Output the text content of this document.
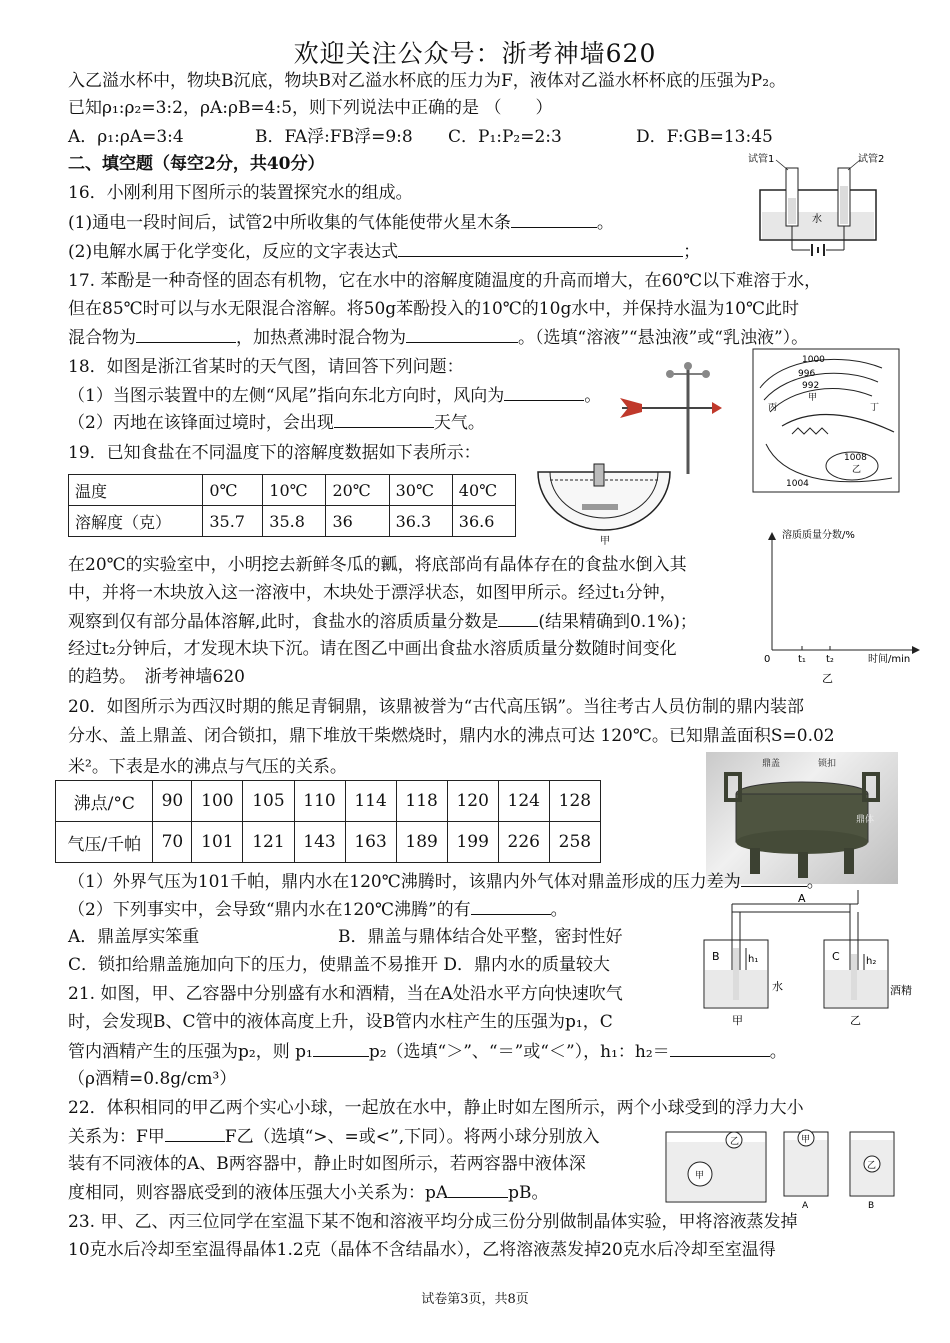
欢迎关注公众号：浙考神墙620
入乙溢水杯中，物块B沉底，物块B对乙溢水杯底的压力为F，液体对乙溢水杯杯底的压强为P₂。
已知ρ₁:ρ₂=3:2，ρA:ρB=4:5，则下列说法中正确的是 （　　）
A．ρ₁:ρA=3:4	B．FA浮:FB浮=9:8 C．P₁:P₂=2:3	D．F:GB=13:45
二、填空题（每空2分，共40分）
16．小刚利用下图所示的装置探究水的组成。
(1)通电一段时间后，试管2中所收集的气体能使带火星木条	。
(2)电解水属于化学变化，反应的文字表达式	；
试管1	试管2
水
17. 苯酚是一种奇怪的固态有机物，它在水中的溶解度随温度的升高而增大，在60℃以下难溶于水，
但在85℃时可以与水无限混合溶解。将50g苯酚投入的10℃的10g水中，并保持水温为10℃此时
混合物为	，加热煮沸时混合物为	。（选填“溶液”“悬浊液”或“乳浊液”）。
18．如图是浙江省某时的天气图，请回答下列问题：
（1）当图示装置中的左侧“风尾”指向东北方向时，风向为	。
（2）丙地在该锋面过境时，会出现	天气。
1000
996
992
甲
丙	丁
1008
乙
1004
19．已知食盐在不同温度下的溶解度数据如下表所示：
温度	0℃	10℃	20℃	30℃	40℃
溶解度（克）	35.7	35.8	36	36.3	36.6
甲
在20℃的实验室中，小明挖去新鲜冬瓜的瓤，将底部尚有晶体存在的食盐水倒入其
中，并将一木块放入这一溶液中，木块处于漂浮状态，如图甲所示。经过t₁分钟，
观察到仅有部分晶体溶解,此时，食盐水的溶质质量分数是 (结果精确到0.1%)；
经过t₂分钟后，才发现木块下沉。请在图乙中画出食盐水溶质质量分数随时间变化
的趋势。　浙考神墙620
溶质质量分数/%
0	t₁ t₂	时间/min
乙
20．如图所示为西汉时期的熊足青铜鼎，该鼎被誉为“古代高压锅”。当往考古人员仿制的鼎内装部
分水、盖上鼎盖、闭合锁扣，鼎下堆放干柴燃烧时，鼎内水的沸点可达 120℃。已知鼎盖面积S=0.02
米²。下表是水的沸点与气压的关系。
沸点/°C	90	100	105	110	114	118	120	124	128
气压/千帕	70	101	121	143	163	189	199	226	258
鼎盖	锁扣
鼎体
（1）外界气压为101千帕，鼎内水在120℃沸腾时，该鼎内外气体对鼎盖形成的压力差为	。
（2）下列事实中，会导致“鼎内水在120℃沸腾”的有	。
A．鼎盖厚实笨重	B．鼎盖与鼎体结合处平整，密封性好
C．锁扣给鼎盖施加向下的压力，使鼎盖不易推开 D．鼎内水的质量较大
21. 如图，甲、乙容器中分别盛有水和酒精，当在A处沿水平方向快速吹气
时，会发现B、C管中的液体高度上升，设B管内水柱产生的压强为p₁，C
管内酒精产生的压强为p₂，则 p₁	p₂（选填“＞”、“＝”或“＜”），h₁：h₂＝	。
（ρ酒精=0.8g/cm³）
A
B	C
h₁	h₂
水	酒精
甲	乙
22．体积相同的甲乙两个实心小球，一起放在水中，静止时如左图所示，两个小球受到的浮力大小
关系为：F甲	F乙（选填“>、=或<”,下同）。将两小球分别放入
装有不同液体的A、B两容器中，静止时如图所示，若两容器中液体深
度相同，则容器底受到的液体压强大小关系为：pA	pB。
乙
甲
甲
A
乙
B
23. 甲、乙、丙三位同学在室温下某不饱和溶液平均分成三份分别做制晶体实验，甲将溶液蒸发掉
10克水后冷却至室温得晶体1.2克（晶体不含结晶水），乙将溶液蒸发掉20克水后冷却至室温得
试卷第3页，共8页
